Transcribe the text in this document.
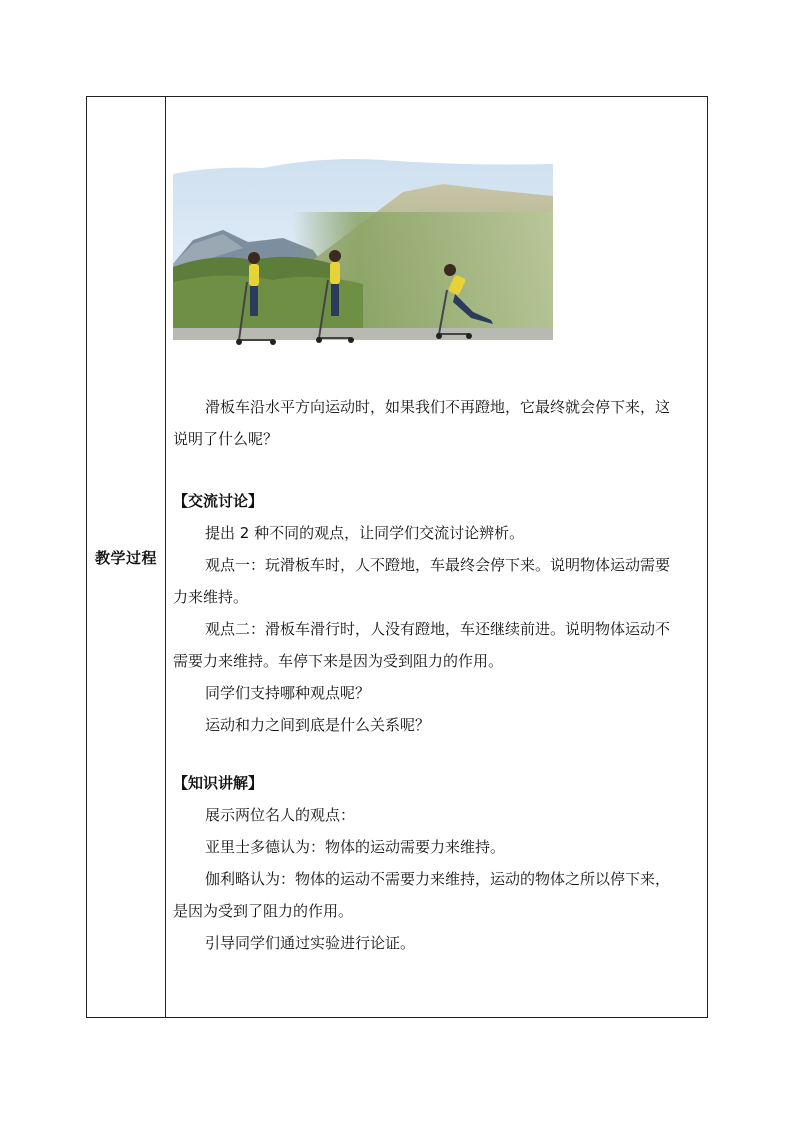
教学过程

滑板车沿水平方向运动时，如果我们不再蹬地，它最终就会停下来，这

说明了什么呢？

【交流讨论】

提出 2 种不同的观点，让同学们交流讨论辨析。

观点一：玩滑板车时，人不蹬地，车最终会停下来。说明物体运动需要

力来维持。

观点二：滑板车滑行时，人没有蹬地，车还继续前进。说明物体运动不

需要力来维持。车停下来是因为受到阻力的作用。

同学们支持哪种观点呢？

运动和力之间到底是什么关系呢？

【知识讲解】

展示两位名人的观点：

亚里士多德认为：物体的运动需要力来维持。

伽利略认为：物体的运动不需要力来维持，运动的物体之所以停下来，

是因为受到了阻力的作用。

引导同学们通过实验进行论证。
